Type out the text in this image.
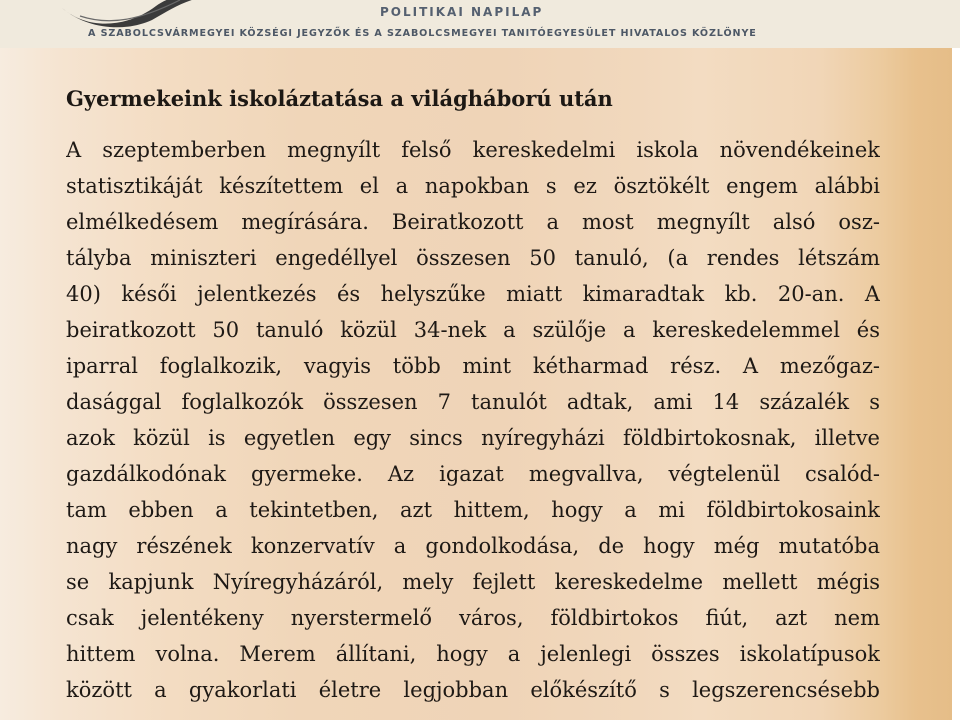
POLITIKAI NAPILAP
A SZABOLCSVÁRMEGYEI KÖZSÉGI JEGYZŐK ÉS A SZABOLCSMEGYEI TANITÓEGYESÜLET HIVATALOS KÖZLÖNYE
Gyermekeink iskoláztatása a világháború után

A szeptemberben megnyílt felső kereskedelmi iskola növendékeinek

statisztikáját készítettem el a napokban s ez ösztökélt engem alábbi

elmélkedésem megírására. Beiratkozott a most megnyílt alsó osz-

tályba miniszteri engedéllyel összesen 50 tanuló, (a rendes létszám

40) késői jelentkezés és helyszűke miatt kimaradtak kb. 20-an. A

beiratkozott 50 tanuló közül 34-nek a szülője a kereskedelemmel és

iparral foglalkozik, vagyis több mint kétharmad rész. A mezőgaz-

dasággal foglalkozók összesen 7 tanulót adtak, ami 14 százalék s

azok közül is egyetlen egy sincs nyíregyházi földbirtokosnak, illetve

gazdálkodónak gyermeke. Az igazat megvallva, végtelenül csalód-

tam ebben a tekintetben, azt hittem, hogy a mi földbirtokosaink

nagy részének konzervatív a gondolkodása, de hogy még mutatóba

se kapjunk Nyíregyházáról, mely fejlett kereskedelme mellett mégis

csak jelentékeny nyerstermelő város, földbirtokos fiút, azt nem

hittem volna. Merem állítani, hogy a jelenlegi összes iskolatípusok

között a gyakorlati életre legjobban előkészítő s legszerencsésebb
